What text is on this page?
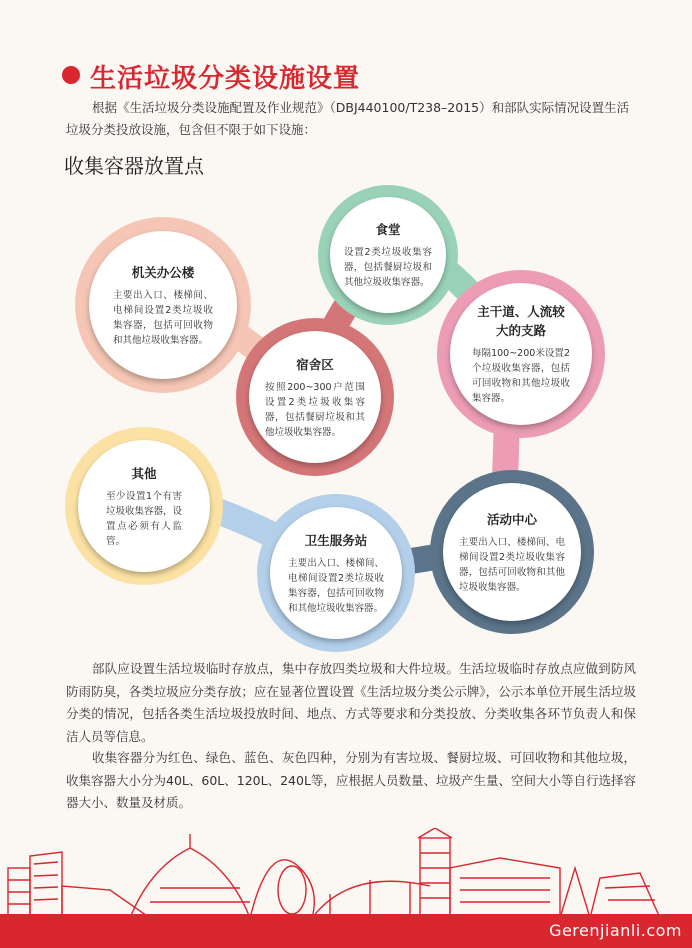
生活垃圾分类设施设置
根据《生活垃圾分类设施配置及作业规范》（DBJ440100/T238–2015）和部队实际情况设置生活垃圾分类投放设施，包含但不限于如下设施：
收集容器放置点
机关办公楼
主要出入口、楼梯间、电梯间设置2类垃圾收集容器，包括可回收物和其他垃圾收集容器。
食堂
设置2类垃圾收集容器，包括餐厨垃圾和其他垃圾收集容器。
宿舍区
按照200~300户范围设置2类垃圾收集容器，包括餐厨垃圾和其他垃圾收集容器。
主干道、人流较大的支路
每隔100~200米设置2个垃圾收集容器，包括可回收物和其他垃圾收集容器。
其他
至少设置1个有害垃圾收集容器，设置点必须有人监管。	卫生服务站
主要出入口、楼梯间、电梯间设置2类垃圾收集容器，包括可回收物和其他垃圾收集容器。
活动中心
主要出入口、楼梯间、电梯间设置2类垃圾收集容器，包括可回收物和其他垃圾收集容器。
部队应设置生活垃圾临时存放点，集中存放四类垃圾和大件垃圾。生活垃圾临时存放点应做到防风防雨防臭，各类垃圾应分类存放；应在显著位置设置《生活垃圾分类公示牌》，公示本单位开展生活垃圾分类的情况，包括各类生活垃圾投放时间、地点、方式等要求和分类投放、分类收集各环节负责人和保洁人员等信息。
收集容器分为红色、绿色、蓝色、灰色四种，分别为有害垃圾、餐厨垃圾、可回收物和其他垃圾，收集容器大小分为40L、60L、120L、240L等，应根据人员数量、垃圾产生量、空间大小等自行选择容器大小、数量及材质。
Gerenjianli.com
